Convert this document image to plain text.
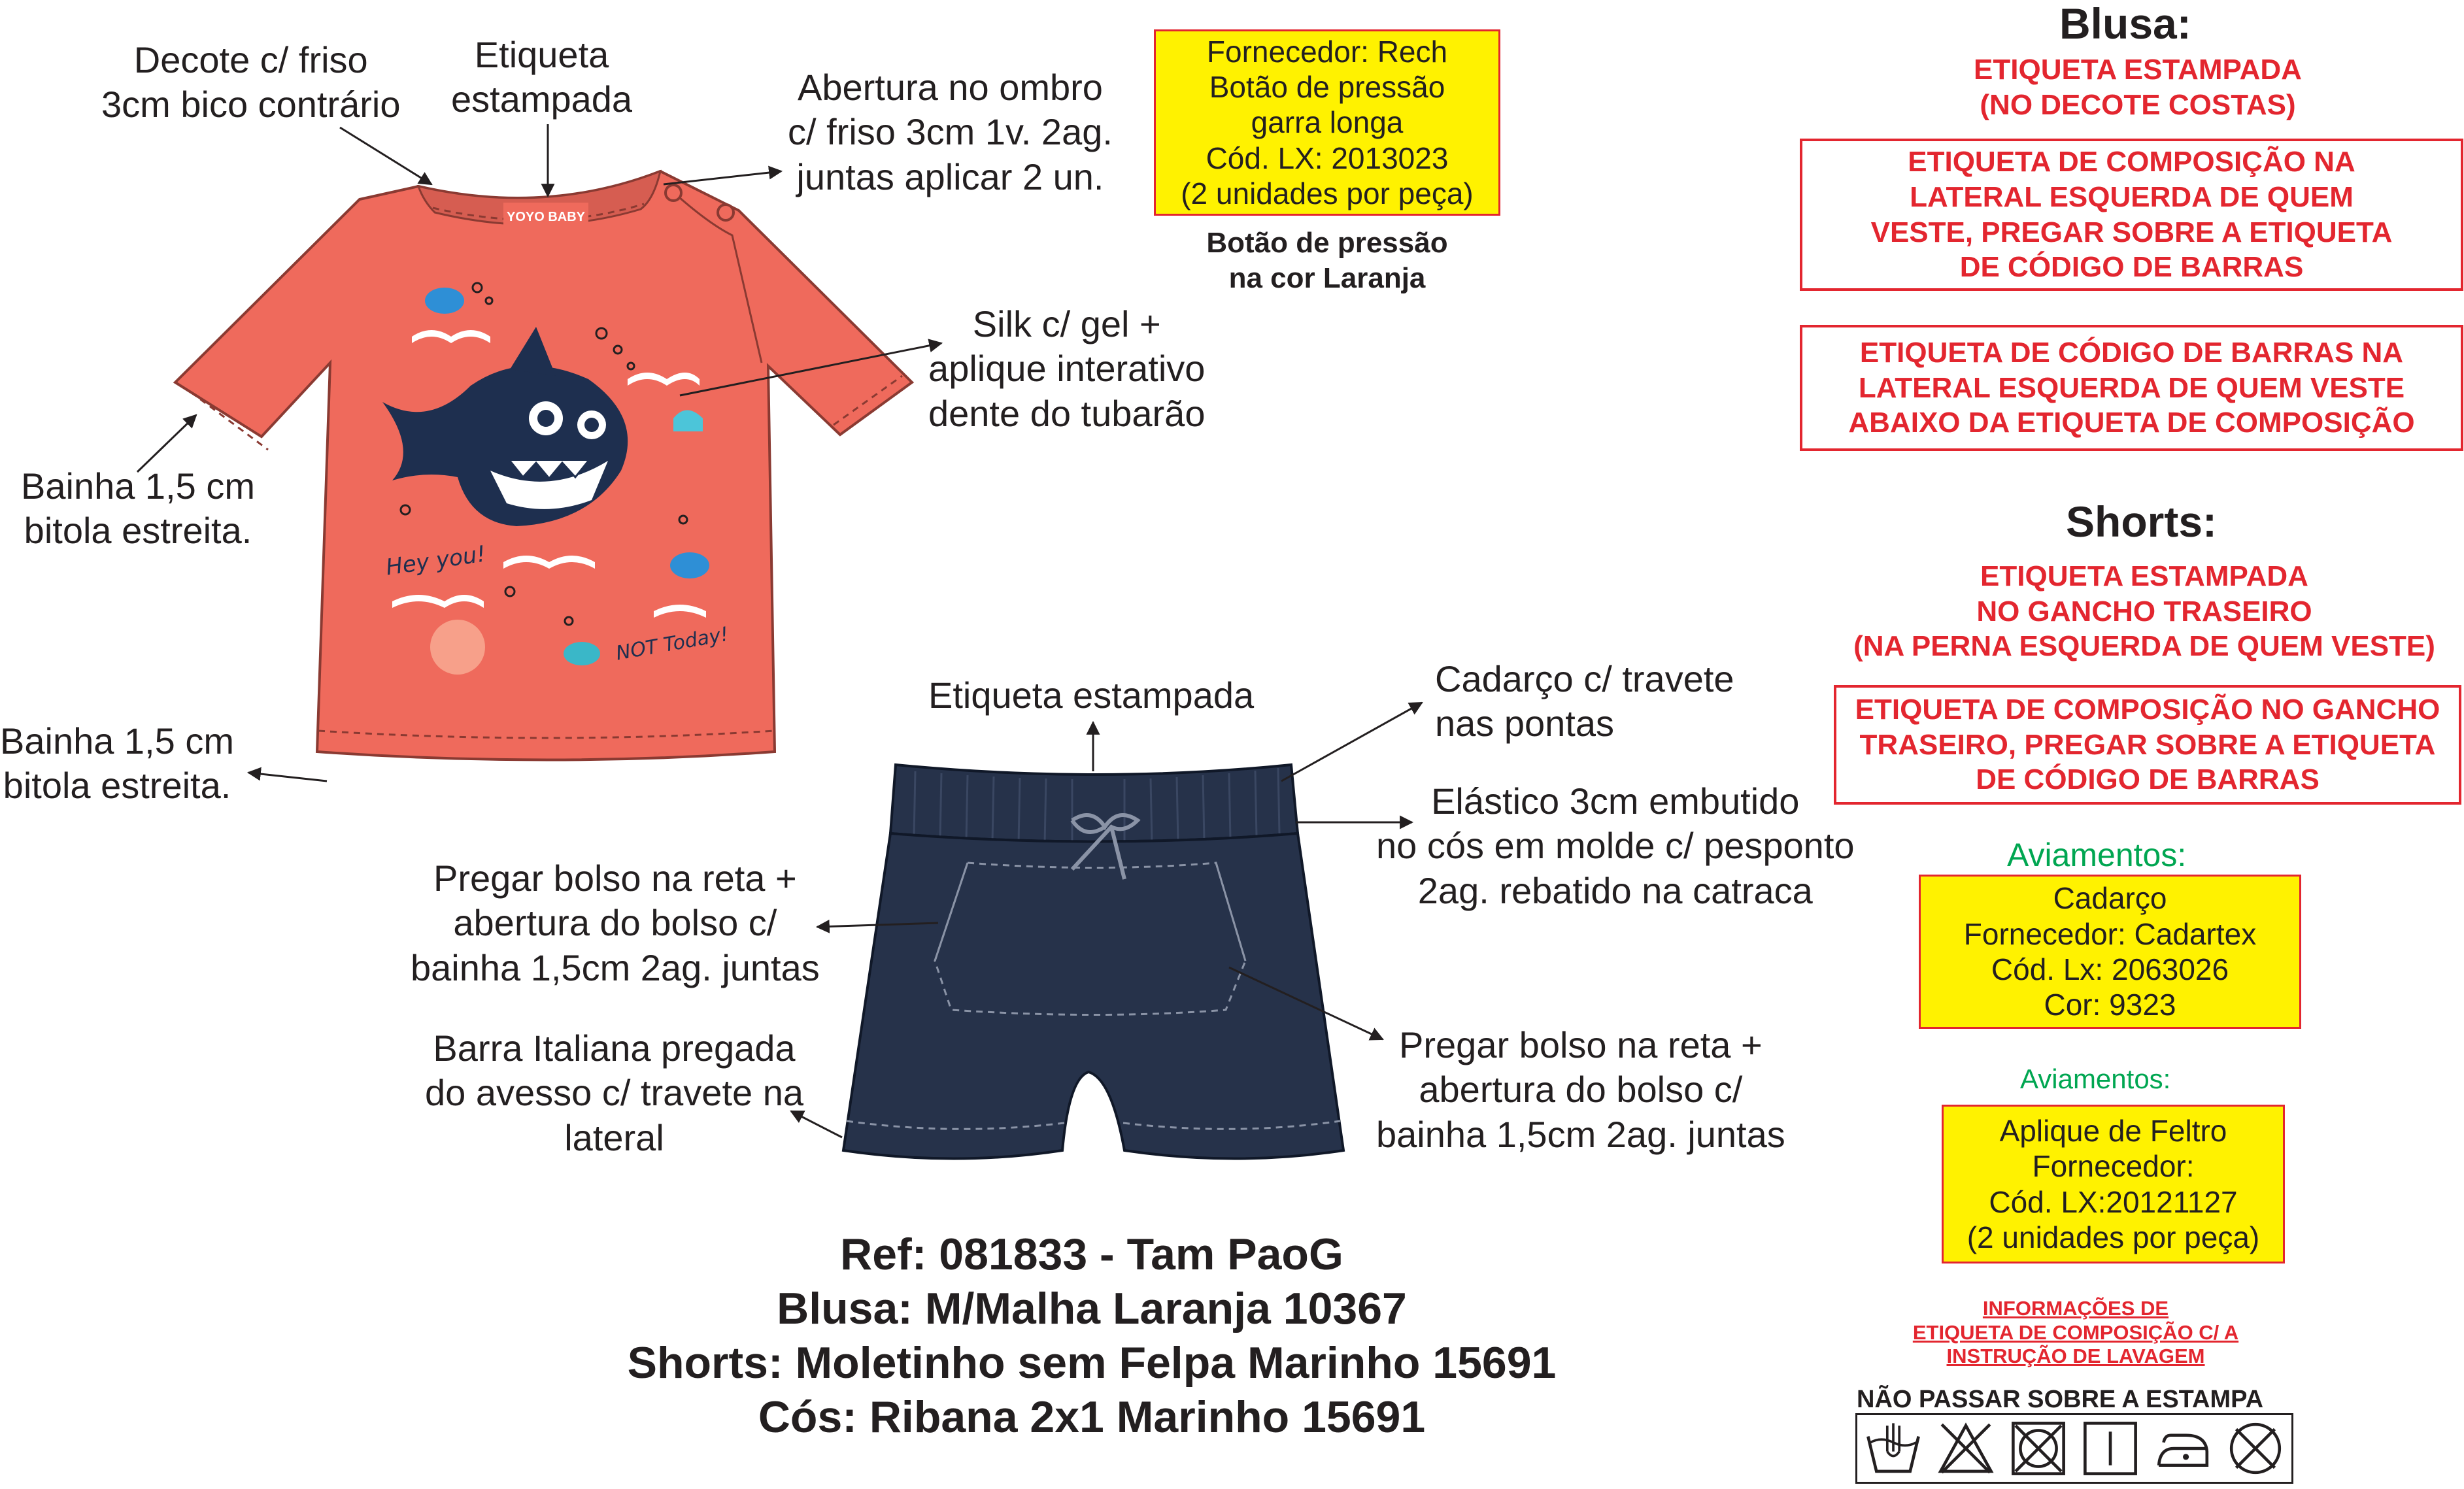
YOYO BABY
Hey you!
NOT Today!
Decote c/ friso
3cm bico contrário
Etiqueta
estampada	Abertura no ombro
c/ friso 3cm 1v. 2ag.
juntas aplicar 2 un.
Silk c/ gel +
aplique interativo
dente do tubarão
Bainha 1,5 cm
bitola estreita.
Bainha 1,5 cm
bitola estreita.
Etiqueta estampada	Cadarço c/ travete
nas pontas
Elástico 3cm embutido
no cós em molde c/ pesponto
2ag. rebatido na catraca
Pregar bolso na reta +
abertura do bolso c/
bainha 1,5cm 2ag. juntas
Pregar bolso na reta +
abertura do bolso c/
bainha 1,5cm 2ag. juntas
Barra Italiana pregada
do avesso c/ travete na
lateral
Fornecedor: Rech
Botão de pressão
garra longa
Cód. LX: 2013023
(2 unidades por peça)
Botão de pressão
na cor Laranja
Blusa:
ETIQUETA ESTAMPADA
(NO DECOTE COSTAS)
ETIQUETA DE COMPOSIÇÃO NA
LATERAL ESQUERDA DE QUEM
VESTE, PREGAR SOBRE A ETIQUETA
DE CÓDIGO DE BARRAS
ETIQUETA DE CÓDIGO DE BARRAS NA
LATERAL ESQUERDA DE QUEM VESTE
ABAIXO DA ETIQUETA DE COMPOSIÇÃO
Shorts:
ETIQUETA ESTAMPADA
NO GANCHO TRASEIRO
(NA PERNA ESQUERDA DE QUEM VESTE)
ETIQUETA DE COMPOSIÇÃO NO GANCHO
TRASEIRO, PREGAR SOBRE A ETIQUETA
DE CÓDIGO DE BARRAS
Aviamentos:
Cadarço
Fornecedor: Cadartex
Cód. Lx: 2063026
Cor: 9323
Aviamentos:
Aplique de Feltro
Fornecedor:
Cód. LX:20121127
(2 unidades por peça)
INFORMAÇÕES DE
ETIQUETA DE COMPOSIÇÃO C/ A
INSTRUÇÃO DE LAVAGEM
NÃO PASSAR SOBRE A ESTAMPA
Ref: 081833 - Tam PaoG
Blusa: M/Malha Laranja 10367
Shorts: Moletinho sem Felpa Marinho 15691
Cós: Ribana 2x1 Marinho 15691
